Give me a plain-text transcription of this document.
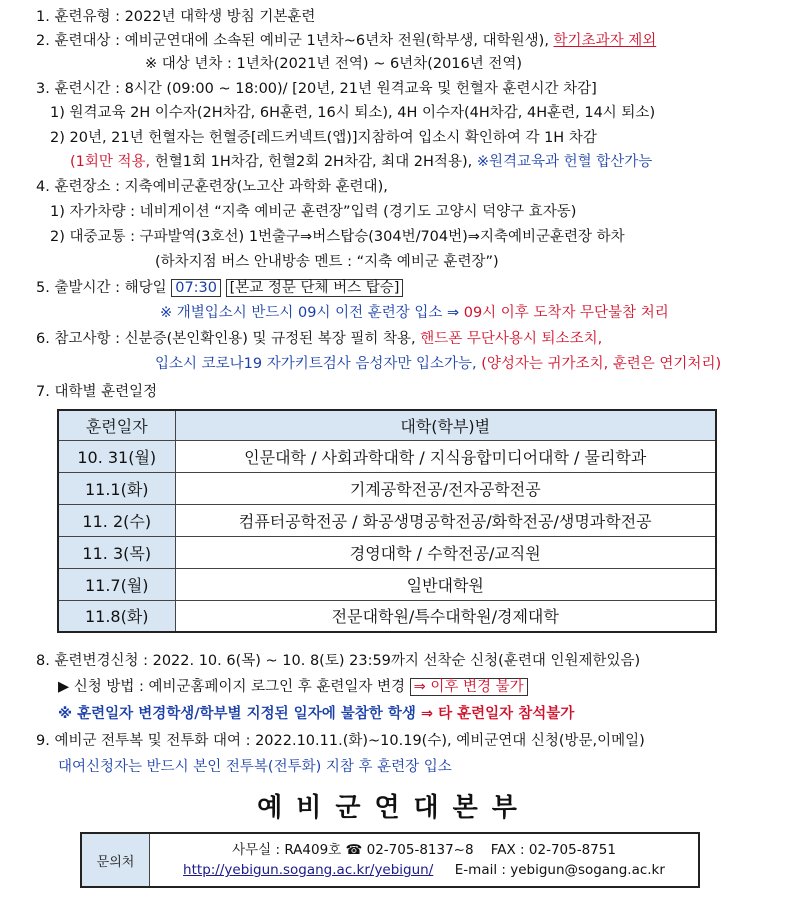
1. 훈련유형 : 2022년 대학생 방침 기본훈련
2. 훈련대상 : 예비군연대에 소속된 예비군 1년차~6년차 전원(학부생, 대학원생), 학기초과자 제외
※ 대상 년차 : 1년차(2021년 전역) ~ 6년차(2016년 전역)
3. 훈련시간 : 8시간 (09:00 ~ 18:00)/ [20년, 21년 원격교육 및 헌혈자 훈련시간 차감]
1) 원격교육 2H 이수자(2H차감, 6H훈련, 16시 퇴소), 4H 이수자(4H차감, 4H훈련, 14시 퇴소)
2) 20년, 21년 헌혈자는 헌혈증[레드커넥트(앱)]지참하여 입소시 확인하여 각 1H 차감
(1회만 적용, 헌혈1회 1H차감, 헌혈2회 2H차감, 최대 2H적용), ※원격교육과 헌혈 합산가능
4. 훈련장소 : 지축예비군훈련장(노고산 과학화 훈련대),
1) 자가차량 : 네비게이션 “지축 예비군 훈련장”입력 (경기도 고양시 덕양구 효자동)
2) 대중교통 : 구파발역(3호선) 1번출구⇒버스탑승(304번/704번)⇒지축예비군훈련장 하차
(하차지점 버스 안내방송 멘트 : “지축 예비군 훈련장”)
5. 출발시간 : 해당일 07:30 [본교 정문 단체 버스 탑승]
※ 개별입소시 반드시 09시 이전 훈련장 입소 ⇒ 09시 이후 도착자 무단불참 처리
6. 참고사항 : 신분증(본인확인용) 및 규정된 복장 필히 착용, 핸드폰 무단사용시 퇴소조치,
입소시 코로나19 자가키트검사 음성자만 입소가능, (양성자는 귀가조치, 훈련은 연기처리)
7. 대학별 훈련일정
훈련일자	대학(학부)별
10. 31(월)	인문대학 / 사회과학대학 / 지식융합미디어대학 / 물리학과
11.1(화)	기계공학전공/전자공학전공
11. 2(수)	컴퓨터공학전공 / 화공생명공학전공/화학전공/생명과학전공
11. 3(목)	경영대학 / 수학전공/교직원
11.7(월)	일반대학원
11.8(화)	전문대학원/특수대학원/경제대학
8. 훈련변경신청 : 2022. 10. 6(목) ~ 10. 8(토) 23:59까지 선착순 신청(훈련대 인원제한있음)
▶ 신청 방법 : 예비군홈페이지 로그인 후 훈련일자 변경 ⇒ 이후 변경 불가
※ 훈련일자 변경학생/학부별 지정된 일자에 불참한 학생 ⇒ 타 훈련일자 참석불가
9. 예비군 전투복 및 전투화 대여 : 2022.10.11.(화)~10.19(수), 예비군연대 신청(방문,이메일)
대여신청자는 반드시 본인 전투복(전투화) 지참 후 훈련장 입소
예비군연대본부
문의처
사무실 : RA409호 ☎ 02-705-8137~8 FAX : 02-705-8751
http://yebigun.sogang.ac.kr/yebigun/ E-mail : yebigun@sogang.ac.kr
